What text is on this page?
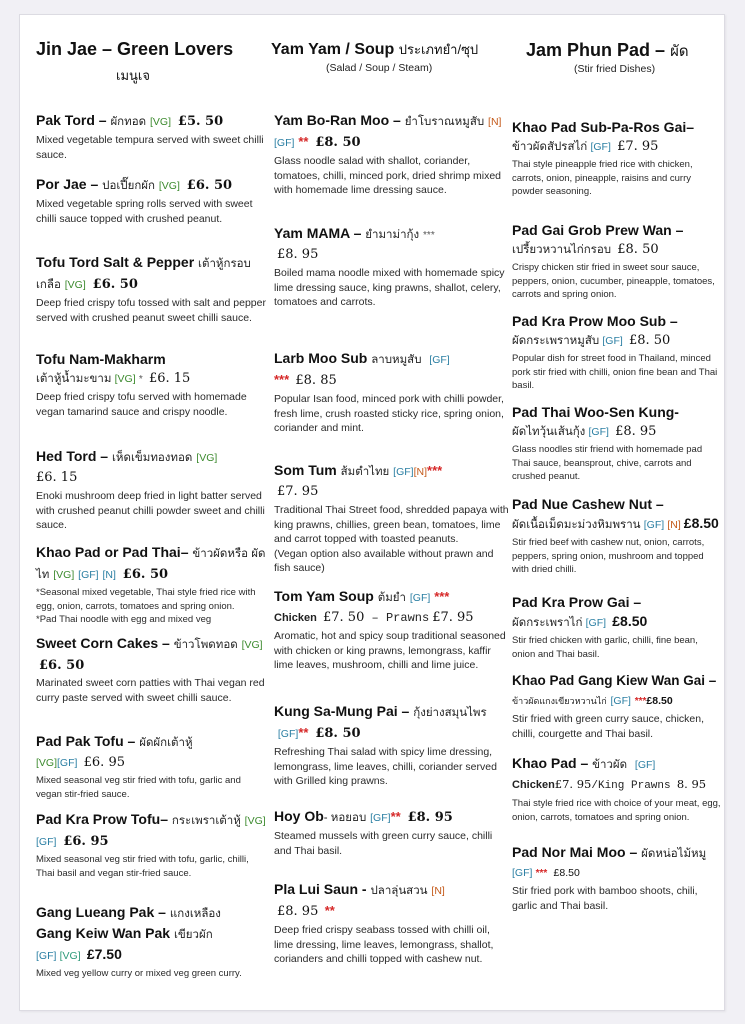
Jin Jae – Green Lovers
เมนูเจ
Pak Tord – ผักทอด [VG] £5. 50
Mixed vegetable tempura served with sweet chilli sauce.
Por Jae – ปอเปี๊ยกผัก [VG] £6. 50
Mixed vegetable spring rolls served with sweet chilli sauce topped with crushed peanut.
Tofu Tord Salt & Pepper เต้าหู้กรอบเกลือ [VG] £6. 50
Deep fried crispy tofu tossed with salt and pepper served with crushed peanut sweet chilli sauce.
Tofu Nam-Makharm
เต้าหู้น้ำมะขาม [VG] * £6. 15
Deep fried crispy tofu served with homemade vegan tamarind sauce and crispy noodle.
Hed Tord – เห็ดเข็มทองทอด [VG]
£6. 15
Enoki mushroom deep fried in light batter served with crushed peanut chilli powder sweet and chilli sauce.
Khao Pad or Pad Thai– ข้าวผัดหรือ ผัดไท [VG] [GF] [N] £6. 50
*Seasonal mixed vegetable, Thai style fried rice with egg, onion, carrots, tomatoes and spring onion.
*Pad Thai noodle with egg and mixed veg
Sweet Corn Cakes – ข้าวโพดทอด [VG] £6. 50
Marinated sweet corn patties with Thai vegan red curry paste served with sweet chilli sauce.
Pad Pak Tofu – ผัดผักเต้าหู้
[VG][GF] £6. 95
Mixed seasonal veg stir fried with tofu, garlic and vegan stir-fried sauce.
Pad Kra Prow Tofu– กระเพราเต้าหู้ [VG] [GF] £6. 95
Mixed seasonal veg stir fried with tofu, garlic, chilli, Thai basil and vegan stir-fried sauce.
Gang Lueang Pak – แกงเหลือง
Gang Keiw Wan Pak เขียวผัก
[GF] [VG] £7.50
Mixed veg yellow curry or mixed veg green curry.
Yam Yam / Soup ประเภทยำ/ซุป
(Salad / Soup / Steam)
Yam Bo-Ran Moo – ยำโบราณหมูสับ [N][GF] ** £8. 50
Glass noodle salad with shallot, coriander, tomatoes, chilli, minced pork, dried shrimp mixed with homemade lime dressing sauce.
Yam MAMA – ยำมาม่ากุ้ง ***
£8. 95
Boiled mama noodle mixed with homemade spicy lime dressing sauce, king prawns, shallot, celery, tomatoes and carrots.
Larb Moo Sub ลาบหมูสับ [GF]
*** £8. 85
Popular Isan food, minced pork with chilli powder, fresh lime, crush roasted sticky rice, spring onion, coriander and mint.
Som Tum ส้มตำไทย [GF][N]***
£7. 95
Traditional Thai Street food, shredded papaya with king prawns, chillies, green bean, tomatoes, lime and carrot topped with toasted peanuts.
(Vegan option also available without prawn and fish sauce)
Tom Yam Soup ต้มยำ [GF] ***
Chicken £7. 50 – Prawns £7. 95
Aromatic, hot and spicy soup traditional seasoned with chicken or king prawns, lemongrass, kaffir lime leaves, mushroom, chilli and lime juice.
Kung Sa-Mung Pai – กุ้งย่างสมุนไพร  [GF]** £8. 50
Refreshing Thai salad with spicy lime dressing, lemongrass, lime leaves, chilli, coriander served with Grilled king prawns.
Hoy Ob- หอยอบ [GF]** £8. 95
Steamed mussels with green curry sauce, chilli and Thai basil.
Pla Lui Saun - ปลาลุ่นสวน [N]
£8. 95 **
Deep fried crispy seabass tossed with chilli oil, lime dressing, lime leaves, lemongrass, shallot, corianders and chilli topped with cashew nut.
Jam Phun Pad – ผัด
(Stir fried Dishes)
Khao Pad Sub-Pa-Ros Gai–
ข้าวผัดสัปรสไก่ [GF] £7. 95
Thai style pineapple fried rice with chicken, carrots, onion, pineapple, raisins and curry powder seasoning.
Pad Gai Grob Prew Wan –
เปรี้ยวหวานไก่กรอบ £8. 50
Crispy chicken stir fried in sweet sour sauce, peppers, onion, cucumber, pineapple, tomatoes, carrots and spring onion.
Pad Kra Prow Moo Sub –
ผัดกระเพราหมูสับ [GF] £8. 50
Popular dish for street food in Thailand, minced pork stir fried with chilli, onion fine bean and Thai basil.
Pad Thai Woo-Sen Kung-
ผัดไทวุ้นเส้นกุ้ง [GF] £8. 95
Glass noodles stir friend with homemade pad Thai sauce, beansprout, chive, carrots and crushed peanut.
Pad Nue Cashew Nut –
ผัดเนื้อเม็ดมะม่วงหิมพราน [GF] [N] £8.50
Stir fried beef with cashew nut, onion, carrots, peppers, spring onion, mushroom and topped with dried chilli.
Pad Kra Prow Gai –
ผัดกระเพราไก่ [GF] £8.50
Stir fried chicken with garlic, chilli, fine bean, onion and Thai basil.
Khao Pad Gang Kiew Wan Gai – ข้าวผัดแกงเขียวหวานไก่ [GF] ***£8.50
Stir fried with green curry sauce, chicken, chilli, courgette and Thai basil.
Khao Pad – ข้าวผัด [GF]
Chicken£7. 95/King Prawns 8. 95
Thai style fried rice with choice of your meat, egg, onion, carrots, tomatoes and spring onion.
Pad Nor Mai Moo – ผัดหน่อไม้หมู
[GF] *** £8.50
Stir fried pork with bamboo shoots, chili, garlic and Thai basil.
